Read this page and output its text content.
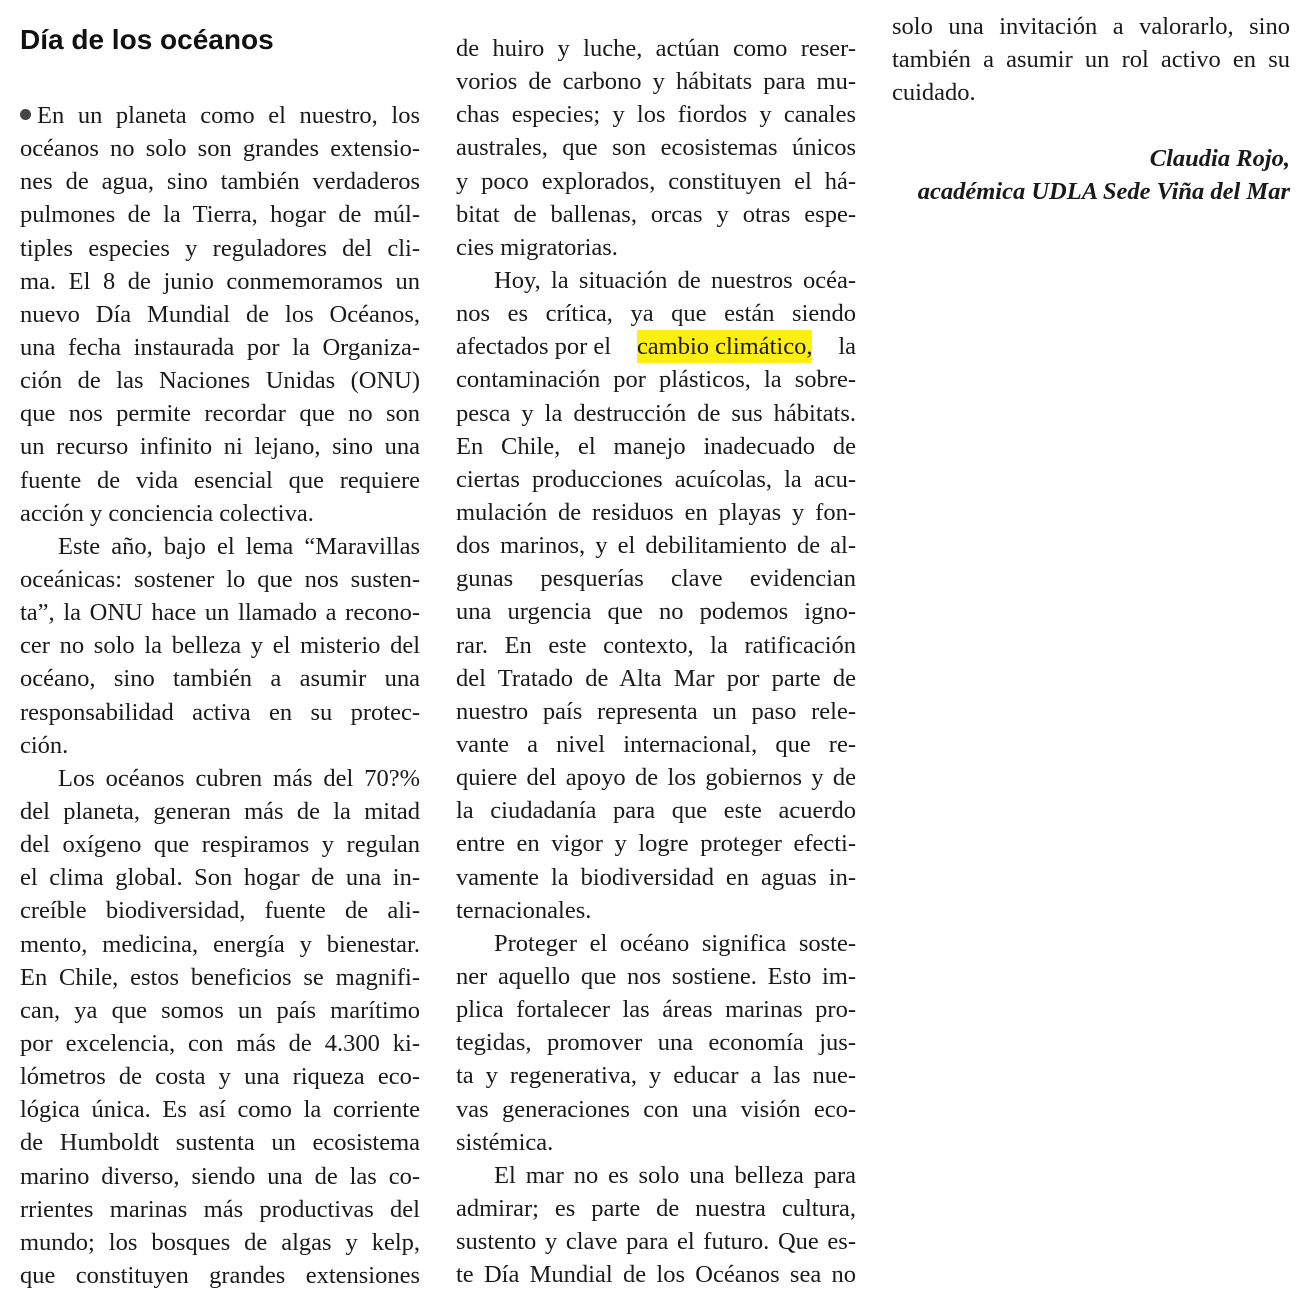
Día de los océanos
En un planeta como el nuestro, los
océanos no solo son grandes extensio-
nes de agua, sino también verdaderos
pulmones de la Tierra, hogar de múl-
tiples especies y reguladores del cli-
ma. El 8 de junio conmemoramos un
nuevo Día Mundial de los Océanos,
una fecha instaurada por la Organiza-
ción de las Naciones Unidas (ONU)
que nos permite recordar que no son
un recurso infinito ni lejano, sino una
fuente de vida esencial que requiere
acción y conciencia colectiva.
Este año, bajo el lema “Maravillas
oceánicas: sostener lo que nos susten-
ta”, la ONU hace un llamado a recono-
cer no solo la belleza y el misterio del
océano, sino también a asumir una
responsabilidad activa en su protec-
ción.
Los océanos cubren más del 70?%
del planeta, generan más de la mitad
del oxígeno que respiramos y regulan
el clima global. Son hogar de una in-
creíble biodiversidad, fuente de ali-
mento, medicina, energía y bienestar.
En Chile, estos beneficios se magnifi-
can, ya que somos un país marítimo
por excelencia, con más de 4.300 ki-
lómetros de costa y una riqueza eco-
lógica única. Es así como la corriente
de Humboldt sustenta un ecosistema
marino diverso, siendo una de las co-
rrientes marinas más productivas del
mundo; los bosques de algas y kelp,
que constituyen grandes extensiones
de huiro y luche, actúan como reser-
vorios de carbono y hábitats para mu-
chas especies; y los fiordos y canales
australes, que son ecosistemas únicos
y poco explorados, constituyen el há-
bitat de ballenas, orcas y otras espe-
cies migratorias.
Hoy, la situación de nuestros océa-
nos es crítica, ya que están siendo
afectados por el cambio climático, la
contaminación por plásticos, la sobre-
pesca y la destrucción de sus hábitats.
En Chile, el manejo inadecuado de
ciertas producciones acuícolas, la acu-
mulación de residuos en playas y fon-
dos marinos, y el debilitamiento de al-
gunas pesquerías clave evidencian
una urgencia que no podemos igno-
rar. En este contexto, la ratificación
del Tratado de Alta Mar por parte de
nuestro país representa un paso rele-
vante a nivel internacional, que re-
quiere del apoyo de los gobiernos y de
la ciudadanía para que este acuerdo
entre en vigor y logre proteger efecti-
vamente la biodiversidad en aguas in-
ternacionales.
Proteger el océano significa soste-
ner aquello que nos sostiene. Esto im-
plica fortalecer las áreas marinas pro-
tegidas, promover una economía jus-
ta y regenerativa, y educar a las nue-
vas generaciones con una visión eco-
sistémica.
El mar no es solo una belleza para
admirar; es parte de nuestra cultura,
sustento y clave para el futuro. Que es-
te Día Mundial de los Océanos sea no
solo una invitación a valorarlo, sino
también a asumir un rol activo en su
cuidado.
Claudia Rojo,
académica UDLA Sede Viña del Mar
